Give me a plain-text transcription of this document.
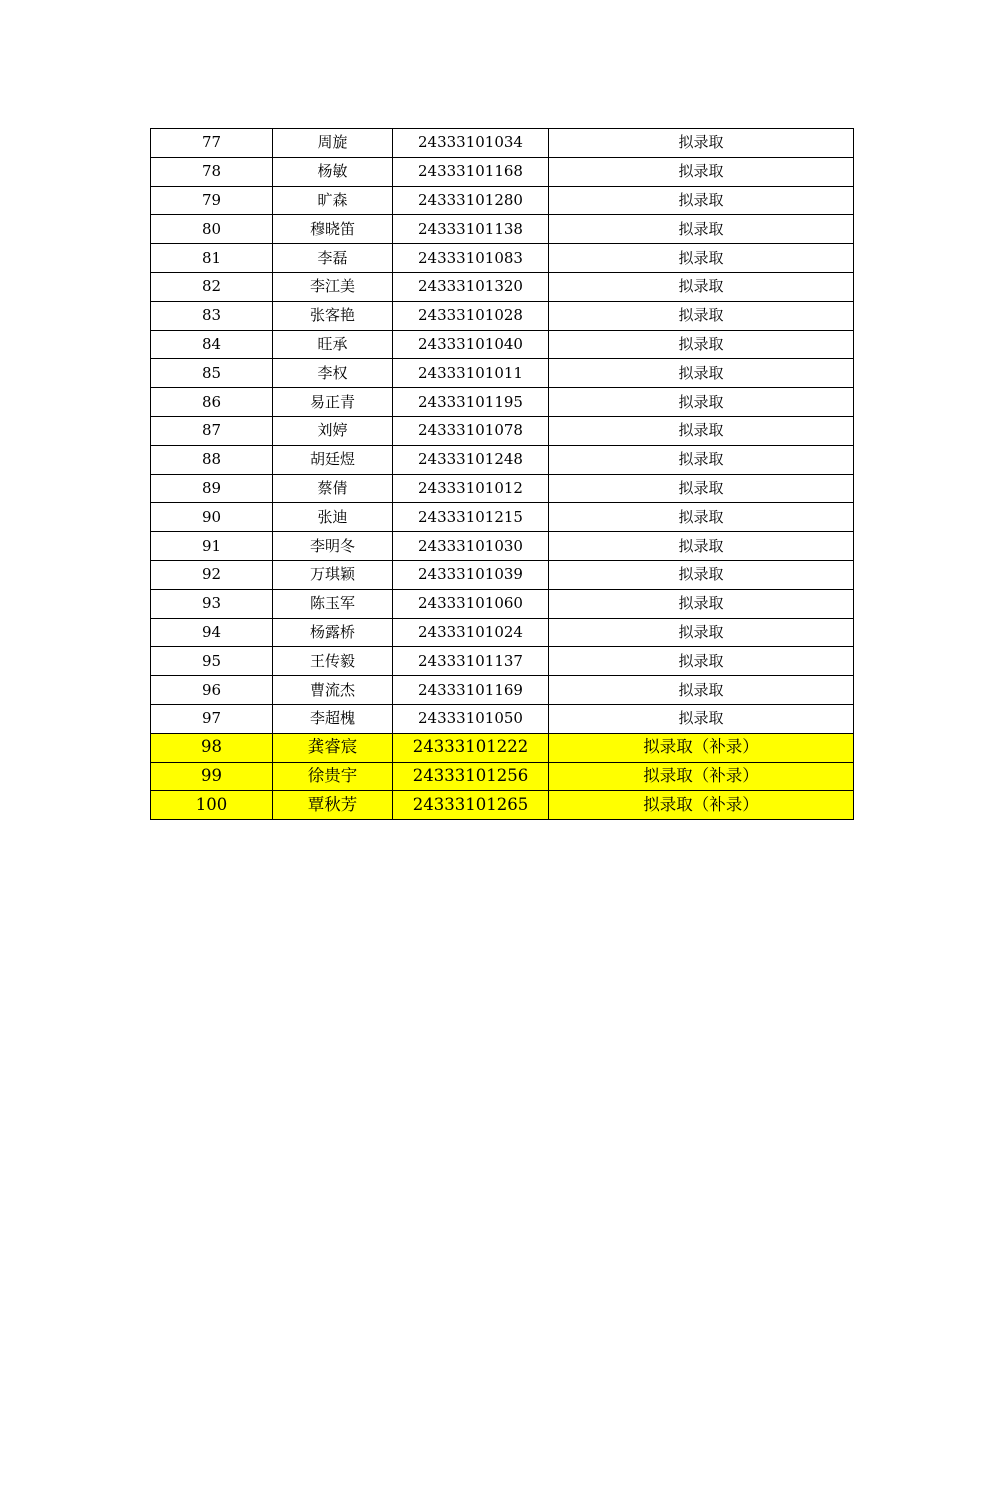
77	周旋	24333101034	拟录取
78	杨敏	24333101168	拟录取
79	旷森	24333101280	拟录取
80	穆晓笛	24333101138	拟录取
81	李磊	24333101083	拟录取
82	李江美	24333101320	拟录取
83	张客艳	24333101028	拟录取
84	旺承	24333101040	拟录取
85	李权	24333101011	拟录取
86	易正青	24333101195	拟录取
87	刘婷	24333101078	拟录取
88	胡廷煜	24333101248	拟录取
89	蔡倩	24333101012	拟录取
90	张迪	24333101215	拟录取
91	李明冬	24333101030	拟录取
92	万琪颖	24333101039	拟录取
93	陈玉军	24333101060	拟录取
94	杨露桥	24333101024	拟录取
95	王传毅	24333101137	拟录取
96	曹流杰	24333101169	拟录取
97	李超槐	24333101050	拟录取
98	龚睿宸	24333101222	拟录取（补录）
99	徐贵宇	24333101256	拟录取（补录）
100	覃秋芳	24333101265	拟录取（补录）
